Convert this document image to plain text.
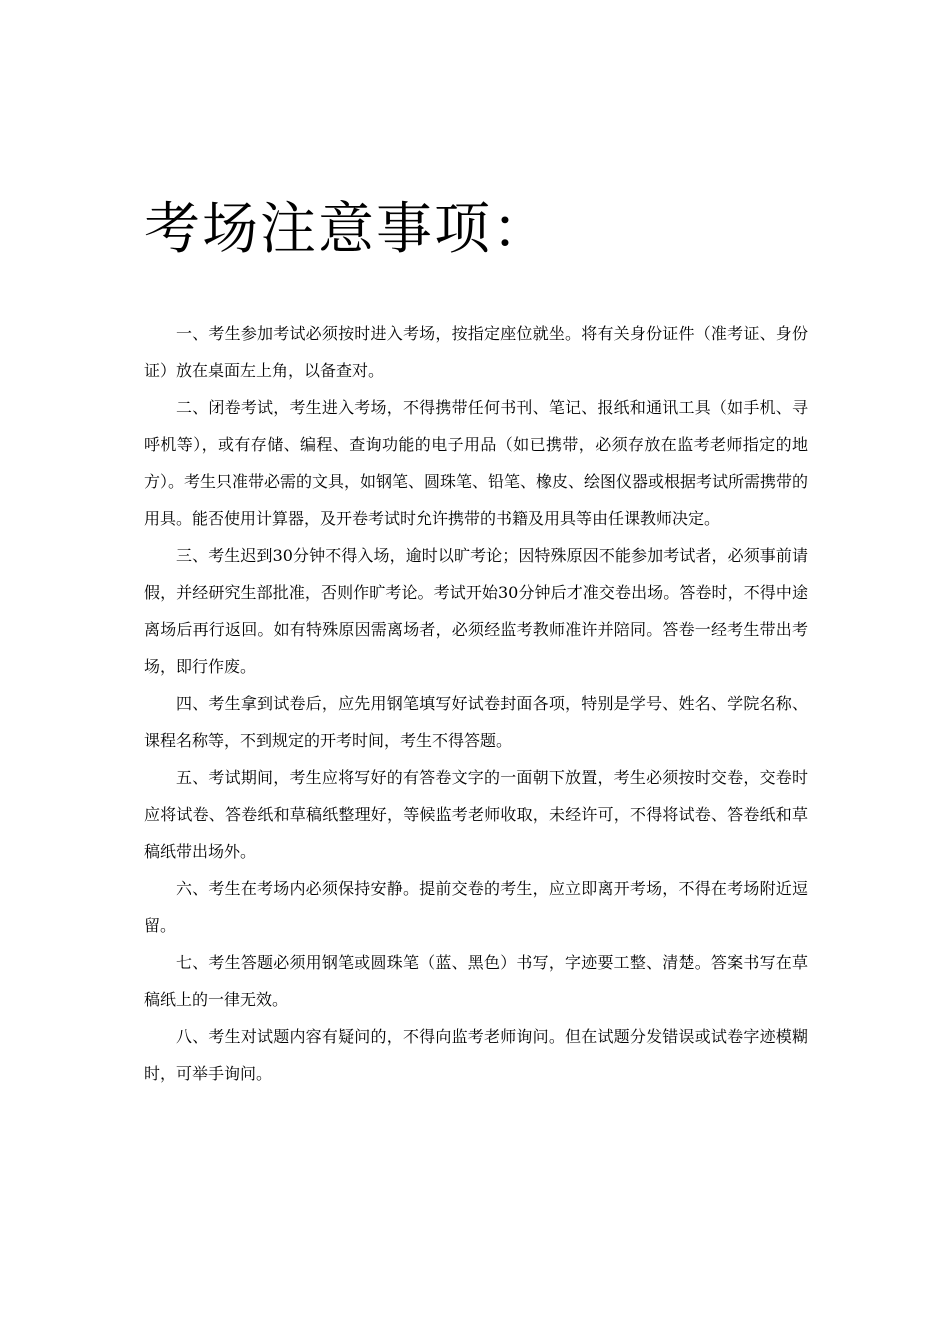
考场注意事项：

一、考生参加考试必须按时进入考场，按指定座位就坐。将有关身份证件（准考证、身份证）放在桌面左上角，以备查对。

二、闭卷考试，考生进入考场，不得携带任何书刊、笔记、报纸和通讯工具（如手机、寻呼机等），或有存储、编程、查询功能的电子用品（如已携带，必须存放在监考老师指定的地方）。考生只准带必需的文具，如钢笔、圆珠笔、铅笔、橡皮、绘图仪器或根据考试所需携带的用具。能否使用计算器，及开卷考试时允许携带的书籍及用具等由任课教师决定。

三、考生迟到30分钟不得入场，逾时以旷考论；因特殊原因不能参加考试者，必须事前请假，并经研究生部批准，否则作旷考论。考试开始30分钟后才准交卷出场。答卷时，不得中途离场后再行返回。如有特殊原因需离场者，必须经监考教师准许并陪同。答卷一经考生带出考场，即行作废。

四、考生拿到试卷后，应先用钢笔填写好试卷封面各项，特别是学号、姓名、学院名称、课程名称等，不到规定的开考时间，考生不得答题。

五、考试期间，考生应将写好的有答卷文字的一面朝下放置，考生必须按时交卷，交卷时应将试卷、答卷纸和草稿纸整理好，等候监考老师收取，未经许可，不得将试卷、答卷纸和草稿纸带出场外。

六、考生在考场内必须保持安静。提前交卷的考生，应立即离开考场，不得在考场附近逗留。

七、考生答题必须用钢笔或圆珠笔（蓝、黑色）书写，字迹要工整、清楚。答案书写在草稿纸上的一律无效。

八、考生对试题内容有疑问的，不得向监考老师询问。但在试题分发错误或试卷字迹模糊时，可举手询问。
